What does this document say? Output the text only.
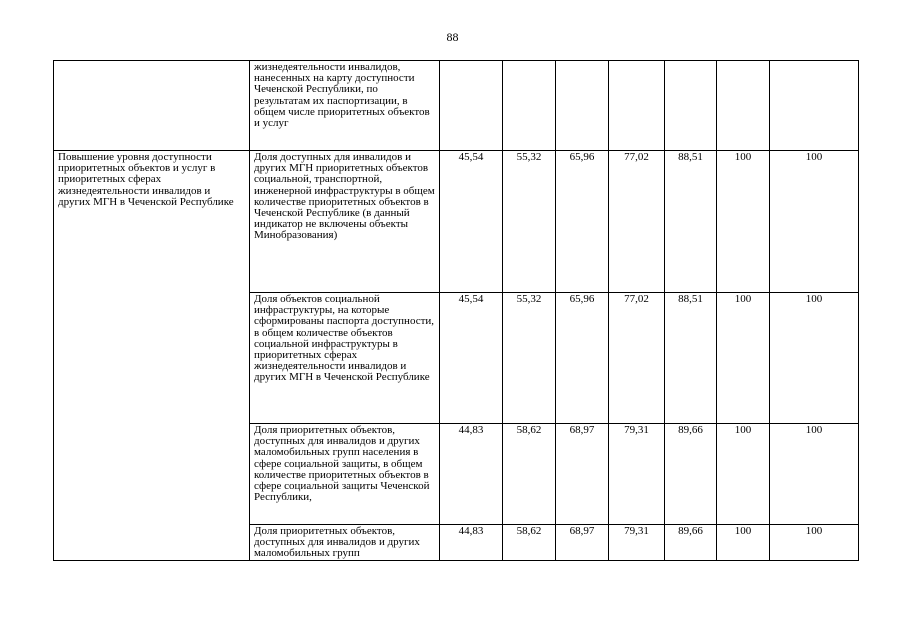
88
	жизнедеятельности инвалидов, нанесенных на карту доступности Чеченской Республики, по результатам их паспортизации, в общем числе приоритетных объектов и услуг							
Повышение уровня доступности приоритетных объектов и услуг в приоритетных сферах жизнедеятельности инвалидов и других МГН в Чеченской Республике	Доля доступных для инвалидов и других МГН приоритетных объектов социальной, транспортной, инженерной инфраструктуры в общем количестве приоритетных объектов в Чеченской Республике (в данный индикатор не включены объекты Минобразования)	45,54	55,32	65,96	77,02	88,51	100	100
	Доля объектов социальной инфраструктуры, на которые сформированы паспорта доступности, в общем количестве объектов социальной инфраструктуры в приоритетных сферах жизнедеятельности инвалидов и других МГН в Чеченской Республике	45,54	55,32	65,96	77,02	88,51	100	100
	Доля приоритетных объектов, доступных для инвалидов и других маломобильных групп населения в сфере социальной защиты, в общем количестве приоритетных объектов в сфере социальной защиты Чеченской Республики,	44,83	58,62	68,97	79,31	89,66	100	100
	Доля приоритетных объектов, доступных для инвалидов и других маломобильных групп	44,83	58,62	68,97	79,31	89,66	100	100
